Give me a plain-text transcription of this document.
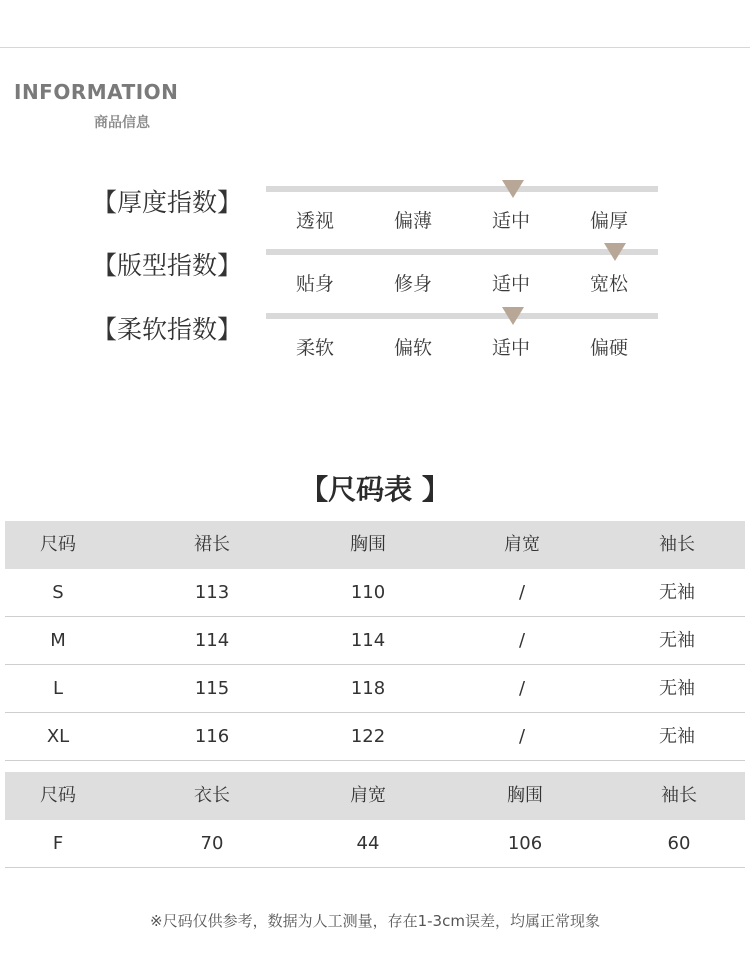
INFORMATION
商品信息
【厚度指数】
透视	偏薄	适中	偏厚
【版型指数】
贴身	修身	适中	宽松
【柔软指数】
柔软	偏软	适中	偏硬
【尺码表 】
尺码	裙长	胸围	肩宽	袖长
S	113	110	/	无袖
M	114	114	/	无袖
L	115	118	/	无袖
XL	116	122	/	无袖
尺码	衣长	肩宽	胸围	袖长
F	70	44	106	60
※尺码仅供参考，数据为人工测量，存在1-3cm误差，均属正常现象
